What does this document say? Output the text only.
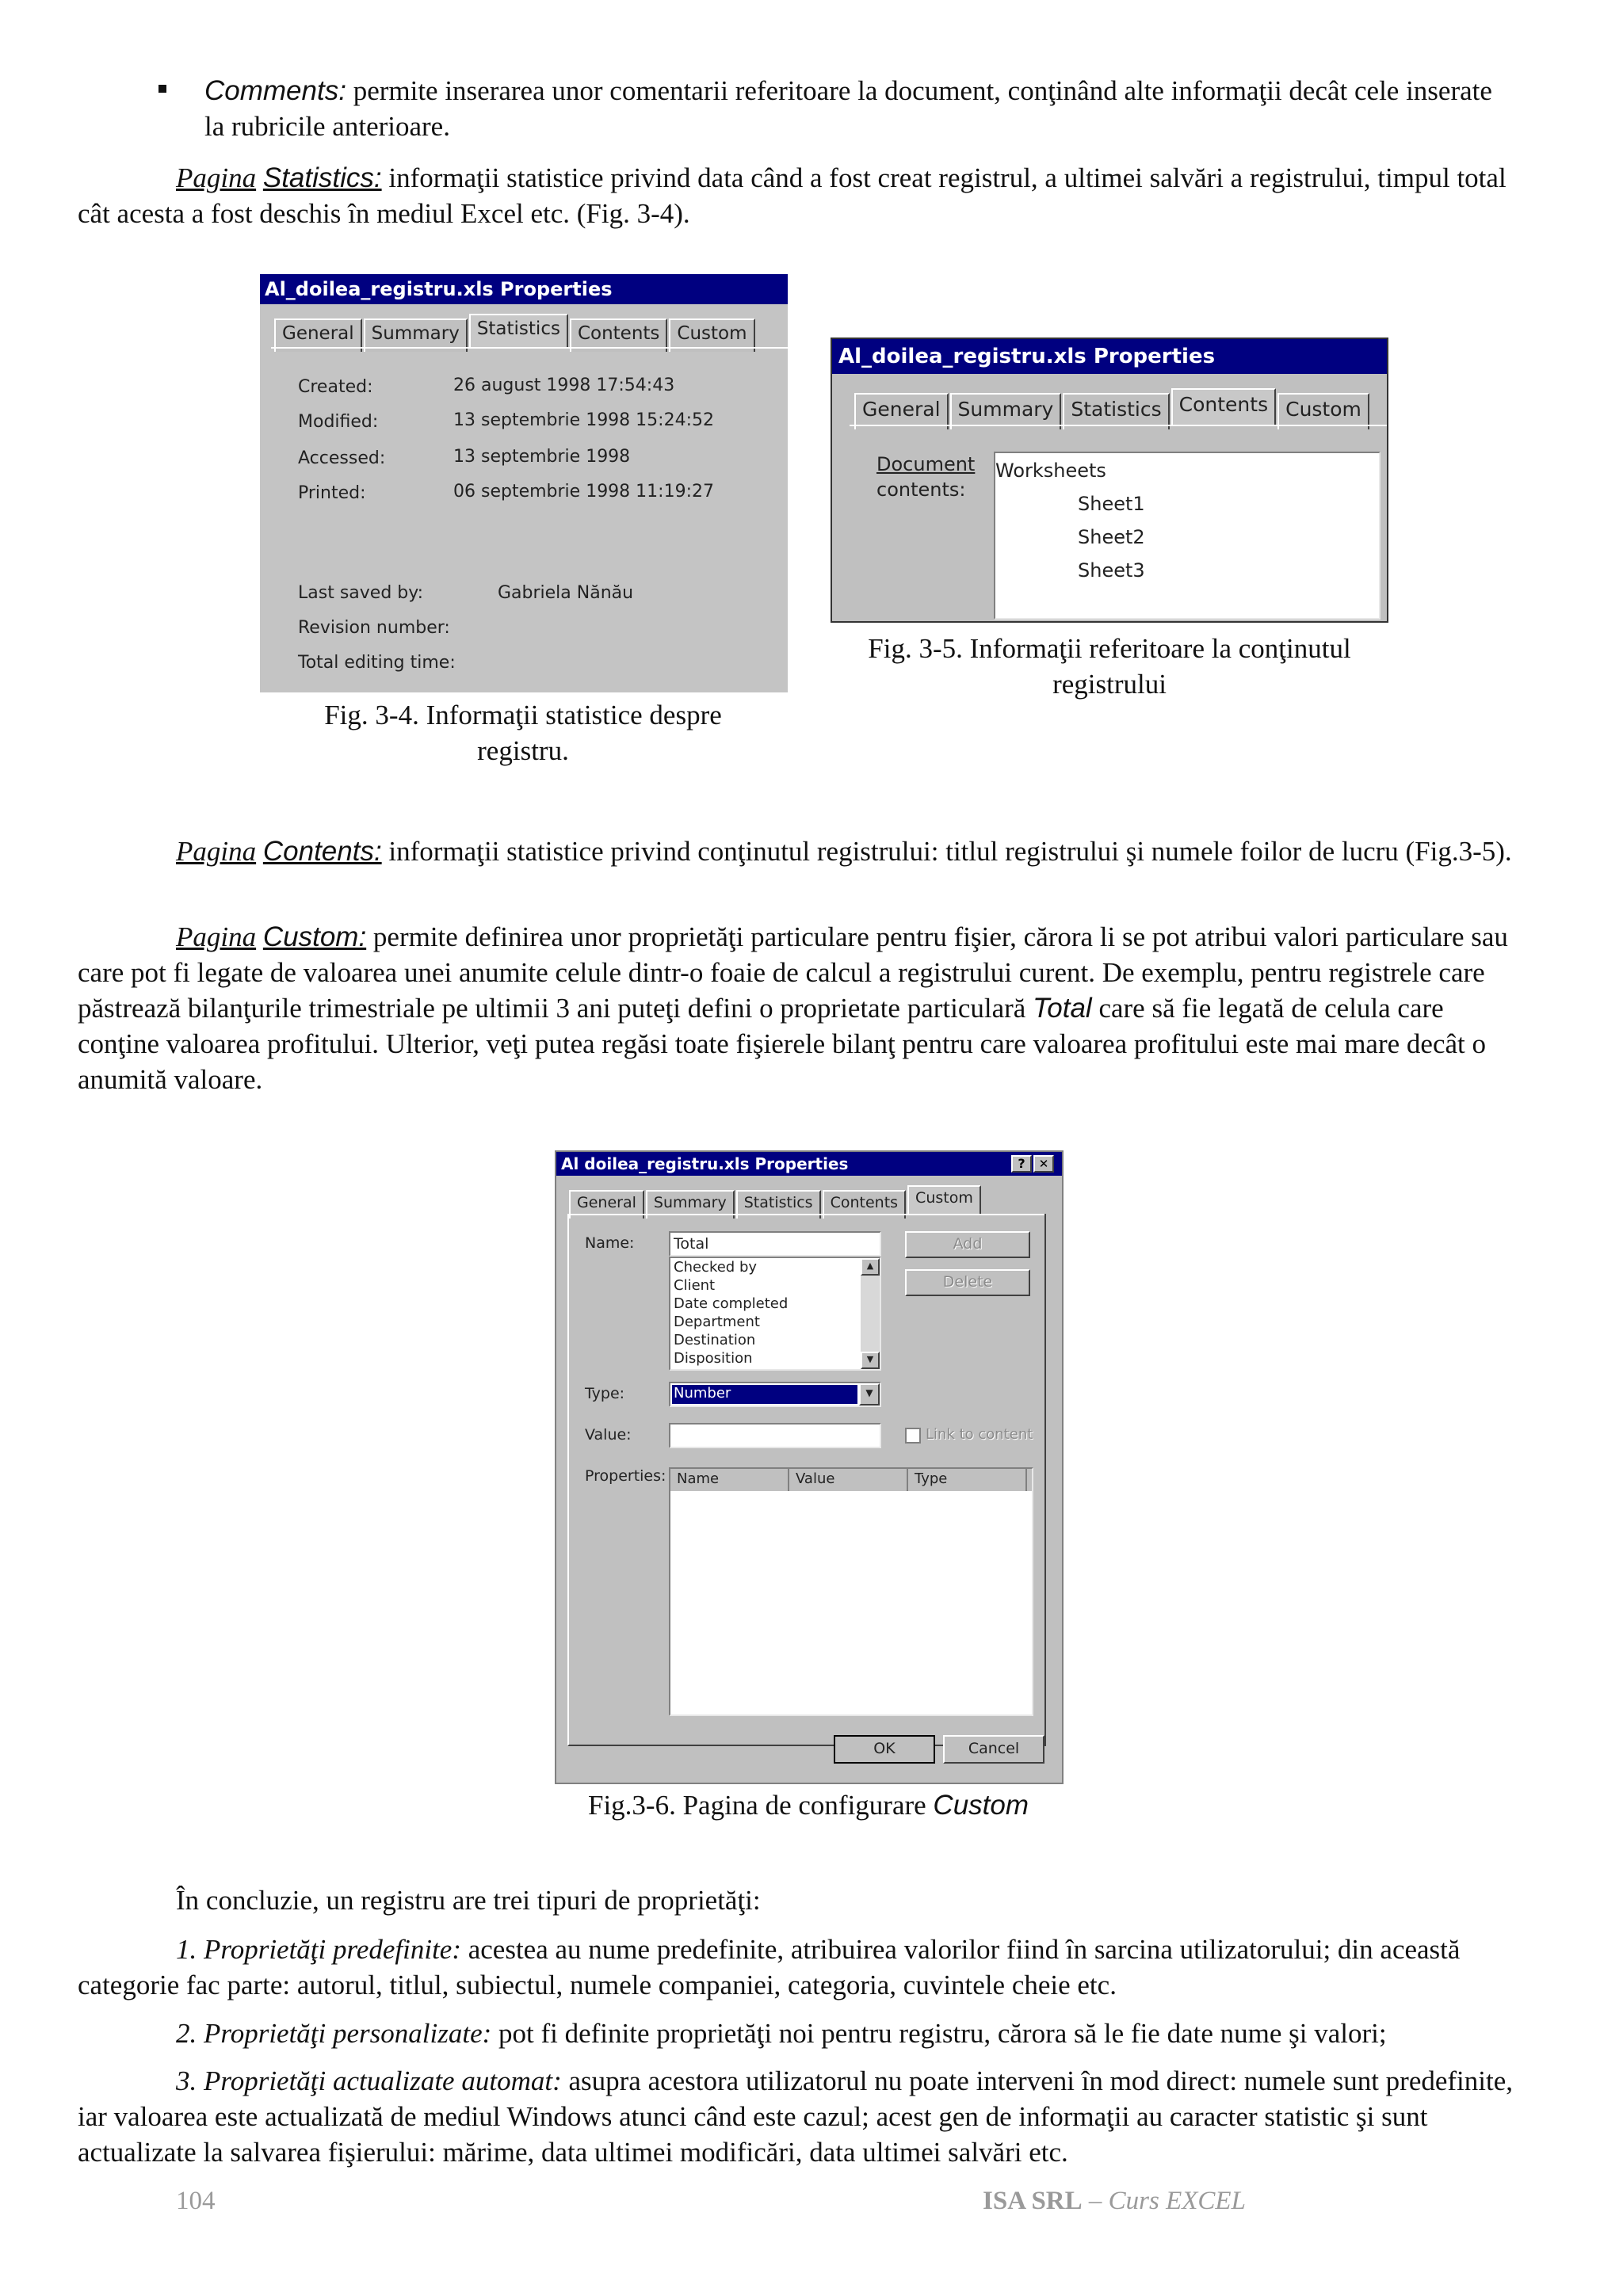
Comments: permite inserarea unor comentarii referitoare la document, conţinând alte informaţii decât cele inserate la rubricile anterioare.
Pagina Statistics: informaţii statistice privind data când a fost creat registrul, a ultimei salvări a registrului, timpul total cât acesta a fost deschis în mediul Excel etc. (Fig. 3-4).
Al_doilea_registru.xls Properties
General Summary Statistics Contents Custom
Created:	26 august 1998 17:54:43
Modified:	13 septembrie 1998 15:24:52
Accessed:	13 septembrie 1998
Printed:	06 septembrie 1998 11:19:27
Last saved by:	Gabriela Nănău
Revision number:
Total editing time:
Fig. 3-4. Informaţii statistice despre registru.
Al_doilea_registru.xls Properties
General Summary Statistics Contents Custom
Document
contents:
Worksheets
Sheet1
Sheet2
Sheet3
Fig. 3-5. Informaţii referitoare la conţinutul registrului
Pagina Contents: informaţii statistice privind conţinutul registrului: titlul registrului şi numele foilor de lucru (Fig.3-5).
Pagina Custom: permite definirea unor proprietăţi particulare pentru fişier, cărora li se pot atribui valori particulare sau care pot fi legate de valoarea unei anumite celule dintr-o foaie de calcul a registrului curent. De exemplu, pentru registrele care păstrează bilanţurile trimestriale pe ultimii 3 ani puteţi defini o proprietate particulară Total care să fie legată de celula care conţine valoarea profitului. Ulterior, veţi putea regăsi toate fişierele bilanţ pentru care valoarea profitului este mai mare decât o anumită valoare.
Al doilea_registru.xls Properties	?	✕
General	Summary	Statistics	Contents	Custom
Name:	Total
Checked by
Client
Date completed
Department
Destination
Disposition
▲
▼
Add
Delete
Type:	Number	▼
Value:	Link to content
Properties: Name	Value	Type
OK	Cancel
Fig.3-6. Pagina de configurare Custom
În concluzie, un registru are trei tipuri de proprietăţi:
1. Proprietăţi predefinite: acestea au nume predefinite, atribuirea valorilor fiind în sarcina utilizatorului; din această categorie fac parte: autorul, titlul, subiectul, numele companiei, categoria, cuvintele cheie etc.
2. Proprietăţi personalizate: pot fi definite proprietăţi noi pentru registru, cărora să le fie date nume şi valori;
3. Proprietăţi actualizate automat: asupra acestora utilizatorul nu poate interveni în mod direct: numele sunt predefinite, iar valoarea este actualizată de mediul Windows atunci când este cazul; acest gen de informaţii au caracter statistic şi sunt actualizate la salvarea fişierului: mărime, data ultimei modificări, data ultimei salvări etc.
104	ISA SRL – Curs EXCEL
